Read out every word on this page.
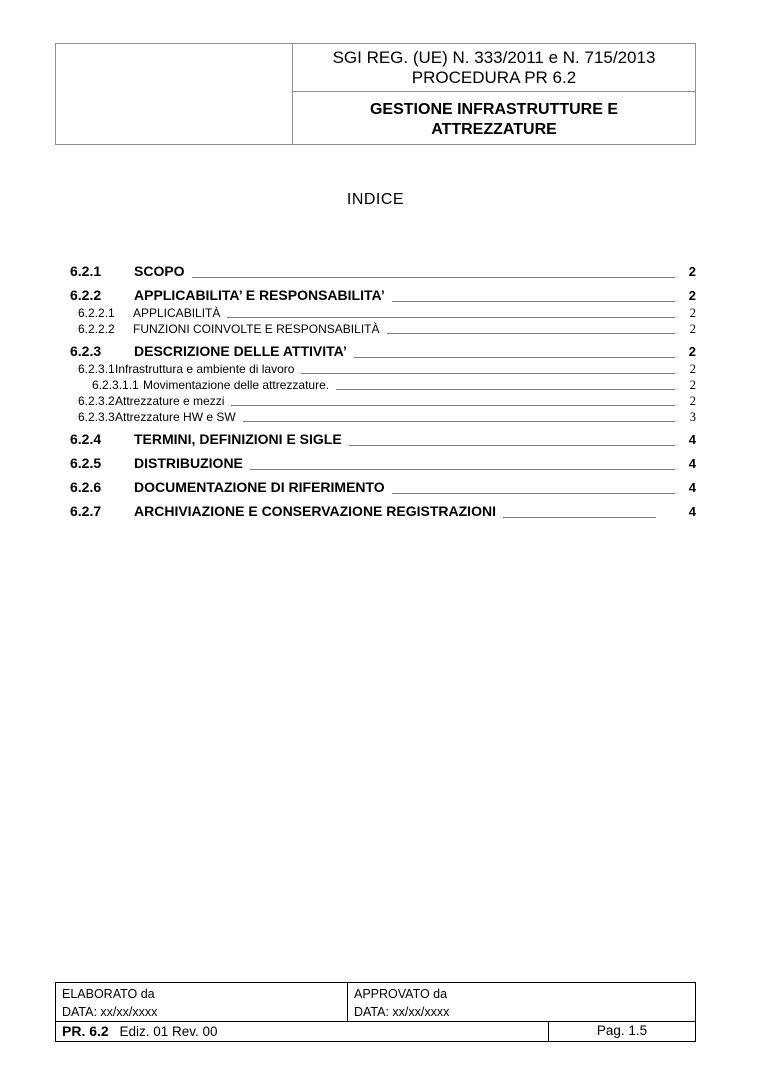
SGI REG. (UE) N. 333/2011 e N. 715/2013
PROCEDURA PR 6.2
GESTIONE INFRASTRUTTURE E
ATTREZZATURE
INDICE
6.2.1	SCOPO	2
6.2.2	APPLICABILITA’ E RESPONSABILITA’	2
6.2.2.1	APPLICABILITÀ	2
6.2.2.2	FUNZIONI COINVOLTE E RESPONSABILITÀ	2
6.2.3	DESCRIZIONE DELLE ATTIVITA’	2
6.2.3.1 Infrastruttura e ambiente di lavoro	2
6.2.3.1.1 Movimentazione delle attrezzature.	2
6.2.3.2 Attrezzature e mezzi	2
6.2.3.3 Attrezzature HW e SW	3
6.2.4	TERMINI, DEFINIZIONI E SIGLE	4
6.2.5	DISTRIBUZIONE	4
6.2.6	DOCUMENTAZIONE DI RIFERIMENTO	4
6.2.7	ARCHIVIAZIONE E CONSERVAZIONE REGISTRAZIONI	4
ELABORATO da
DATA: xx/xx/xxxx
APPROVATO da
DATA: xx/xx/xxxx
PR. 6.2 Ediz. 01 Rev. 00	Pag. 1.5
